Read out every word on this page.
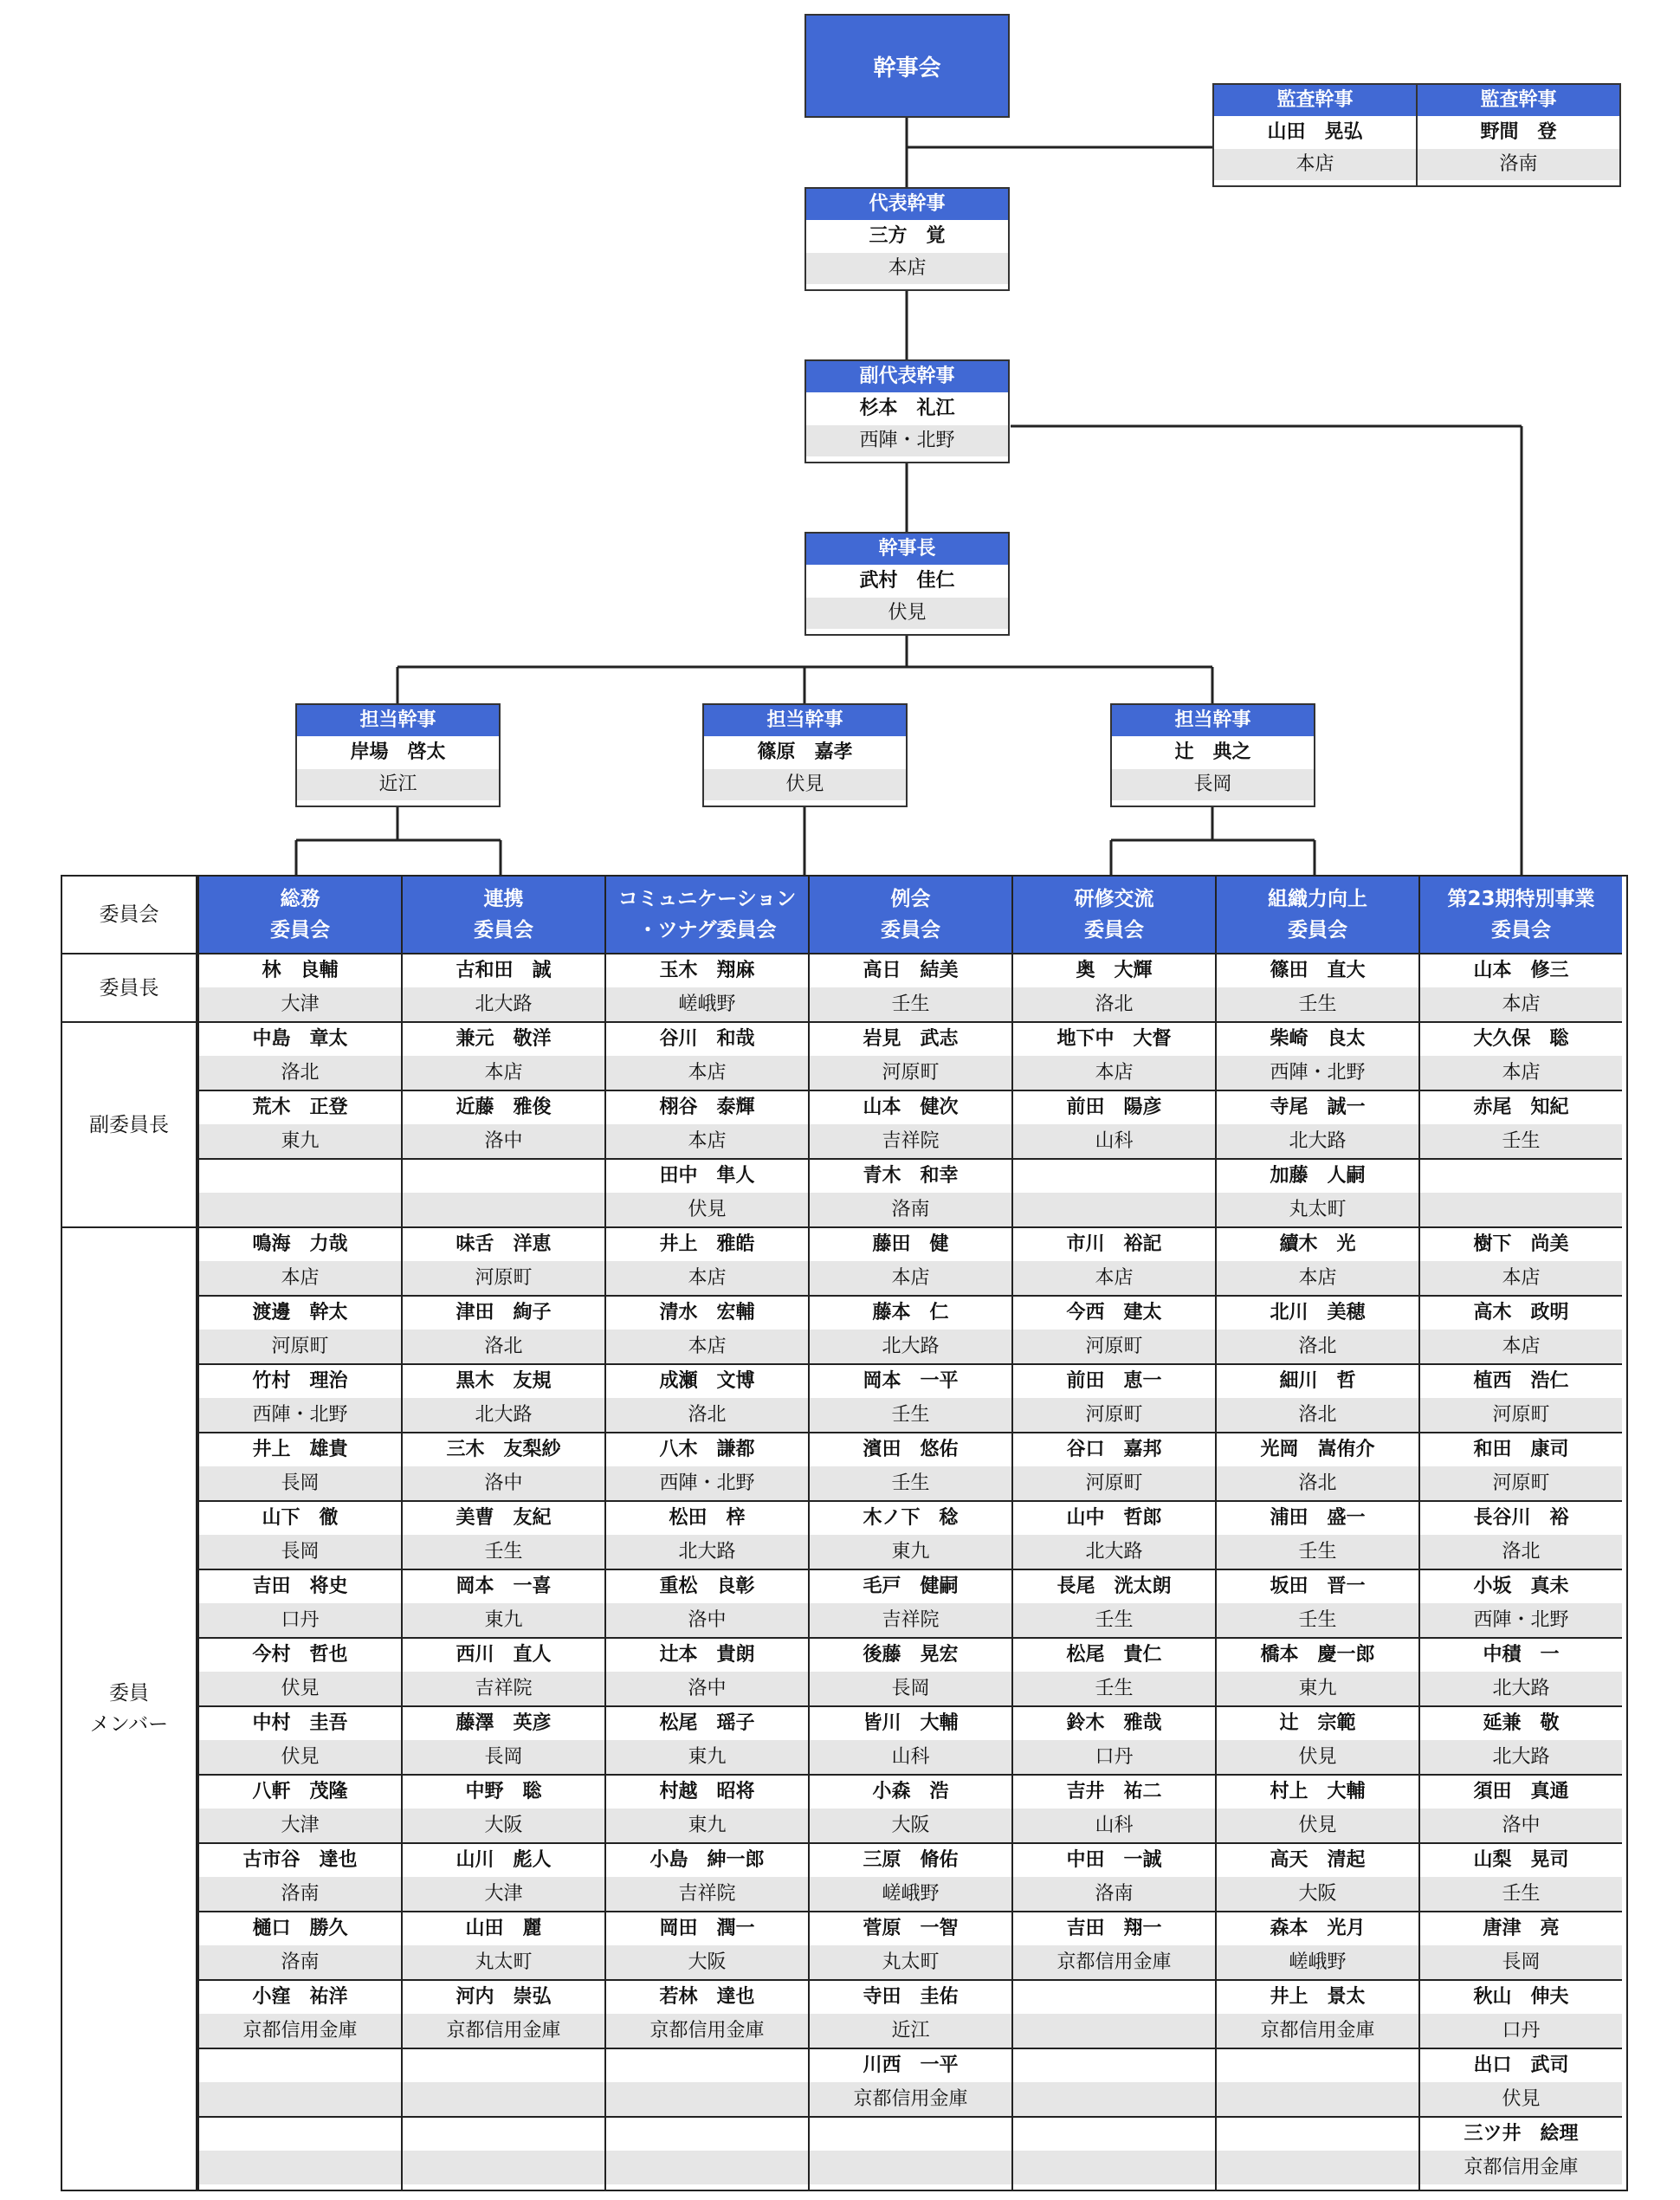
幹事会
監査幹事
山田　晃弘
本店
監査幹事
野間　登
洛南
代表幹事
三方　覚
本店
副代表幹事
杉本　礼江
西陣・北野
幹事長
武村　佳仁
伏見
担当幹事
岸場　啓太
近江
担当幹事
篠原　嘉孝
伏見
担当幹事
辻　典之
長岡
委員会
委員長
副委員長
委員
メンバー
総務
委員会
林　良輔
大津
中島　章太
洛北
荒木　正登
東九
鳴海　力哉
本店
渡邊　幹太
河原町
竹村　理治
西陣・北野
井上　雄貴
長岡
山下　徹
長岡
吉田　将史
口丹
今村　哲也
伏見
中村　圭吾
伏見
八軒　茂隆
大津
古市谷　達也
洛南
樋口　勝久
洛南
小窪　祐洋
京都信用金庫
連携
委員会
古和田　誠
北大路
兼元　敬洋
本店
近藤　雅俊
洛中
味舌　洋恵
河原町
津田　絢子
洛北
黒木　友規
北大路
三木　友梨紗
洛中
美曹　友紀
壬生
岡本　一喜
東九
西川　直人
吉祥院
藤澤　英彦
長岡
中野　聡
大阪
山川　彪人
大津
山田　麗
丸太町
河内　崇弘
京都信用金庫
コミュニケーション
・ツナグ委員会
玉木　翔麻
嵯峨野
谷川　和哉
本店
栩谷　泰輝
本店
田中　隼人
伏見
井上　雅皓
本店
清水　宏輔
本店
成瀬　文博
洛北
八木　謙都
西陣・北野
松田　梓
北大路
重松　良彰
洛中
辻本　貴朗
洛中
松尾　瑶子
東九
村越　昭将
東九
小島　紳一郎
吉祥院
岡田　潤一
大阪
若林　達也
京都信用金庫
例会
委員会
高日　結美
壬生
岩見　武志
河原町
山本　健次
吉祥院
青木　和幸
洛南
藤田　健
本店
藤本　仁
北大路
岡本　一平
壬生
濱田　悠佑
壬生
木ノ下　稔
東九
毛戸　健嗣
吉祥院
後藤　晃宏
長岡
皆川　大輔
山科
小森　浩
大阪
三原　脩佑
嵯峨野
菅原　一智
丸太町
寺田　圭佑
近江
川西　一平
京都信用金庫
研修交流
委員会
奥　大輝
洛北
地下中　大督
本店
前田　陽彦
山科
市川　裕記
本店
今西　建太
河原町
前田　恵一
河原町
谷口　嘉邦
河原町
山中　哲郎
北大路
長尾　洸太朗
壬生
松尾　貴仁
壬生
鈴木　雅哉
口丹
吉井　祐二
山科
中田　一誠
洛南
吉田　翔一
京都信用金庫
組織力向上
委員会
篠田　直大
壬生
柴崎　良太
西陣・北野
寺尾　誠一
北大路
加藤　人嗣
丸太町
續木　光
本店
北川　美穂
洛北
細川　哲
洛北
光岡　嵩侑介
洛北
浦田　盛一
壬生
坂田　晋一
壬生
橋本　慶一郎
東九
辻　宗範
伏見
村上　大輔
伏見
高天　清起
大阪
森本　光月
嵯峨野
井上　景太
京都信用金庫
第23期特別事業
委員会
山本　修三
本店
大久保　聡
本店
赤尾　知紀
壬生
樹下　尚美
本店
高木　政明
本店
植西　浩仁
河原町
和田　康司
河原町
長谷川　裕
洛北
小坂　真未
西陣・北野
中積　一
北大路
延兼　敬
北大路
須田　真通
洛中
山梨　晃司
壬生
唐津　亮
長岡
秋山　伸夫
口丹
出口　武司
伏見
三ツ井　絵理
京都信用金庫
